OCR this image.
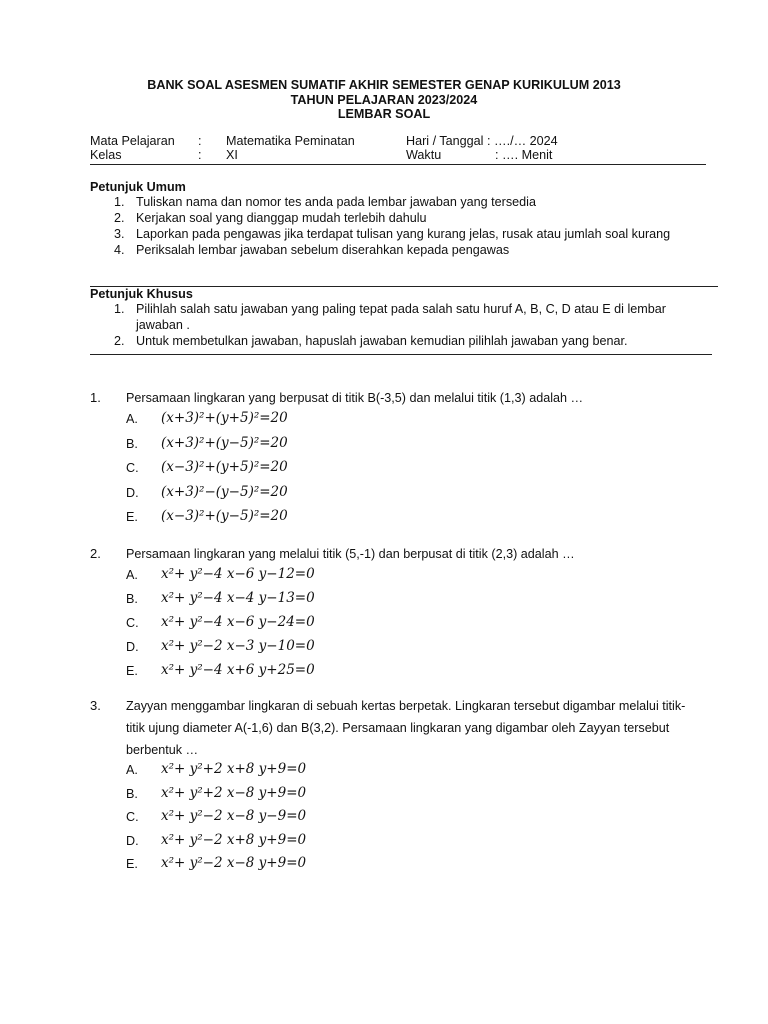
BANK SOAL ASESMEN SUMATIF AKHIR SEMESTER GENAP KURIKULUM 2013
TAHUN PELAJARAN 2023/2024
LEMBAR SOAL
Mata Pelajaran : Matematika Peminatan	Hari / Tanggal : …./… 2024
Kelas	: XI	Waktu	: …. Menit
Petunjuk Umum
1. Tuliskan nama dan nomor tes anda pada lembar jawaban yang tersedia
2. Kerjakan soal yang dianggap mudah terlebih dahulu
3. Laporkan pada pengawas jika terdapat tulisan yang kurang jelas, rusak atau jumlah soal kurang
4. Periksalah lembar jawaban sebelum diserahkan kepada pengawas
Petunjuk Khusus
1. Pilihlah salah satu jawaban yang paling tepat pada salah satu huruf A, B, C, D atau E di lembar jawaban .
2. Untuk membetulkan jawaban, hapuslah jawaban kemudian pilihlah jawaban yang benar.
1. Persamaan lingkaran yang berpusat di titik B(-3,5) dan melalui titik (1,3) adalah …
A. (x+3)²+(y+5)²=20
B. (x+3)²+(y−5)²=20
C. (x−3)²+(y+5)²=20
D. (x+3)²−(y−5)²=20
E. (x−3)²+(y−5)²=20
2. Persamaan lingkaran yang melalui titik (5,-1) dan berpusat di titik (2,3) adalah …
A. x²+ y²−4 x−6 y−12=0
B. x²+ y²−4 x−4 y−13=0
C. x²+ y²−4 x−6 y−24=0
D. x²+ y²−2 x−3 y−10=0
E. x²+ y²−4 x+6 y+25=0
3. Zayyan menggambar lingkaran di sebuah kertas berpetak. Lingkaran tersebut digambar melalui titik-titik ujung diameter A(-1,6) dan B(3,2). Persamaan lingkaran yang digambar oleh Zayyan tersebut berbentuk …
A. x²+ y²+2 x+8 y+9=0
B. x²+ y²+2 x−8 y+9=0
C. x²+ y²−2 x−8 y−9=0
D. x²+ y²−2 x+8 y+9=0
E. x²+ y²−2 x−8 y+9=0
